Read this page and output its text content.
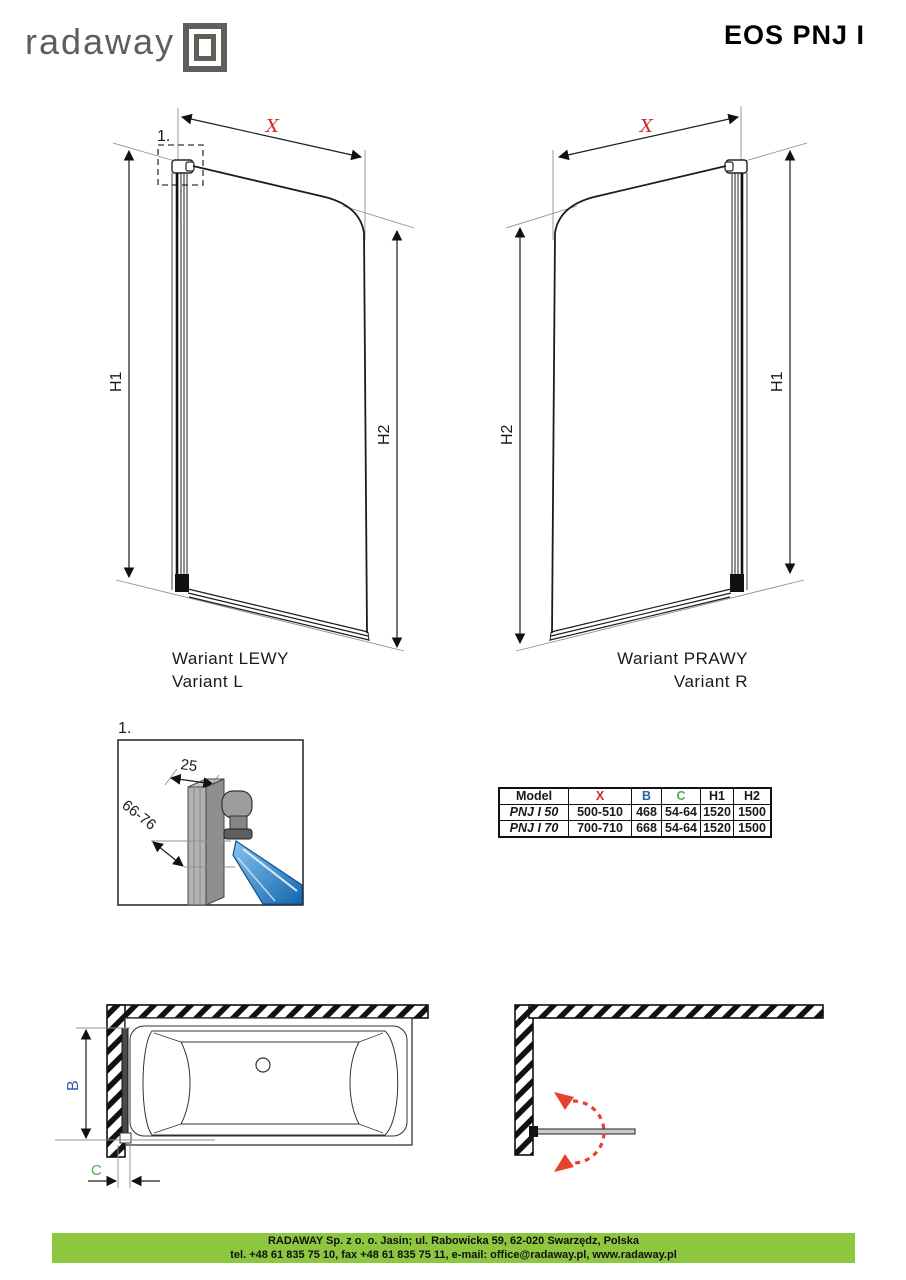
radaway	EOS PNJ I
X
1.
H1
H2
Wariant LEWY
Variant L
X
H2
H1
Wariant PRAWY
Variant R
1.
25
66-76
Model	X	B	C	H1	H2
PNJ I 50	500-510	468	54-64	1520	1500
PNJ I 70	700-710	668	54-64	1520	1500
B
C
RADAWAY Sp. z o. o. Jasin; ul. Rabowicka 59, 62-020 Swarzędz, Polska
tel. +48 61 835 75 10, fax +48 61 835 75 11, e-mail: office@radaway.pl, www.radaway.pl
